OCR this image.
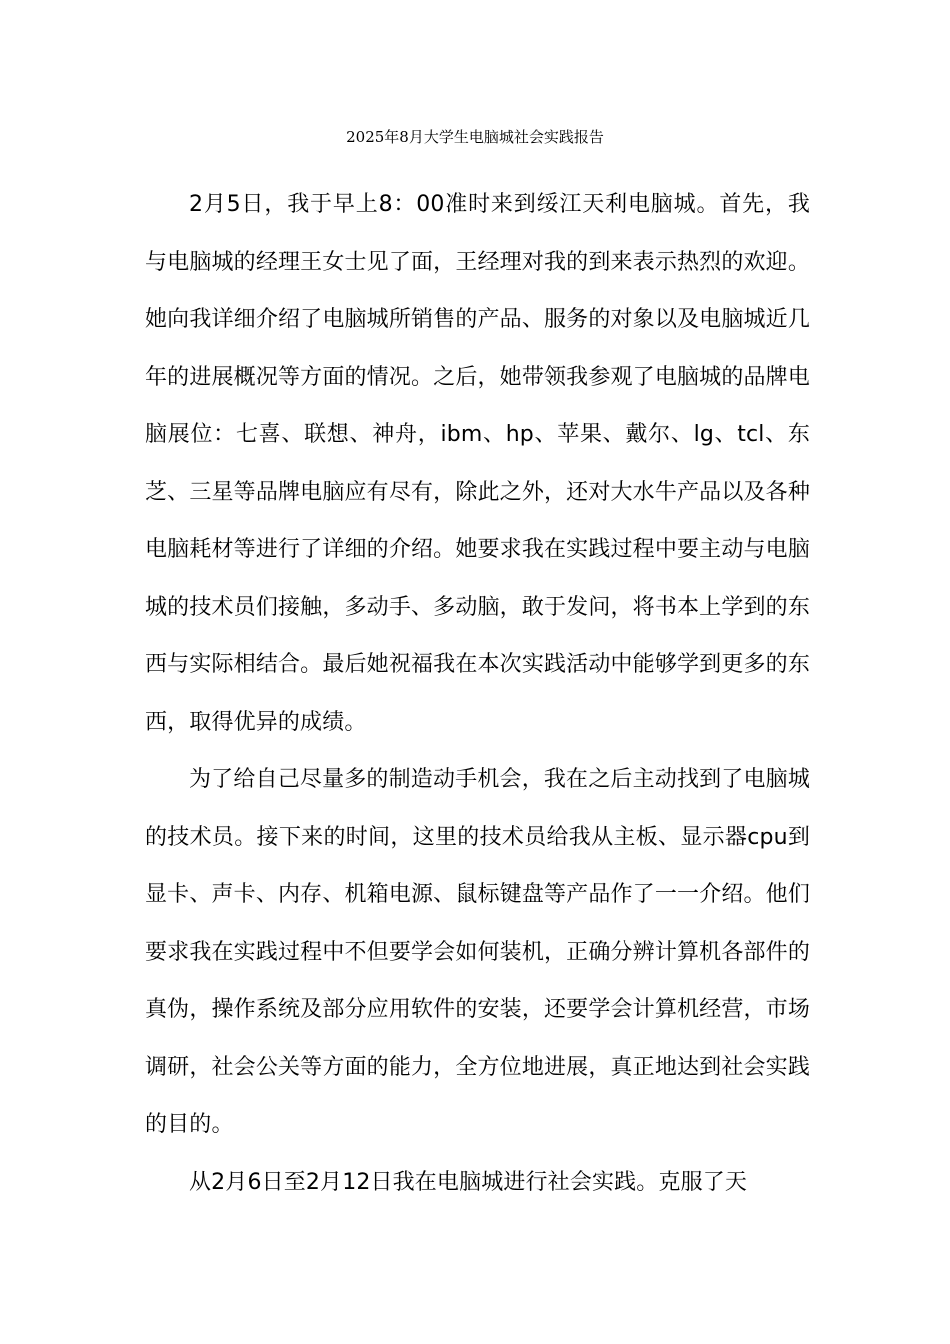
2025年8月大学生电脑城社会实践报告

2月5日，我于早上8：00准时来到绥江天利电脑城。首先，我与电脑城的经理王女士见了面，王经理对我的到来表示热烈的欢迎。她向我详细介绍了电脑城所销售的产品、服务的对象以及电脑城近几年的进展概况等方面的情况。之后，她带领我参观了电脑城的品牌电脑展位：七喜、联想、神舟，ibm、hp、苹果、戴尔、lg、tcl、东芝、三星等品牌电脑应有尽有，除此之外，还对大水牛产品以及各种电脑耗材等进行了详细的介绍。她要求我在实践过程中要主动与电脑城的技术员们接触，多动手、多动脑，敢于发问，将书本上学到的东西与实际相结合。最后她祝福我在本次实践活动中能够学到更多的东西，取得优异的成绩。

为了给自己尽量多的制造动手机会，我在之后主动找到了电脑城的技术员。接下来的时间，这里的技术员给我从主板、显示器cpu到显卡、声卡、内存、机箱电源、鼠标键盘等产品作了一一介绍。他们要求我在实践过程中不但要学会如何装机，正确分辨计算机各部件的真伪，操作系统及部分应用软件的安装，还要学会计算机经营，市场调研，社会公关等方面的能力，全方位地进展，真正地达到社会实践的目的。

从2月6日至2月12日我在电脑城进行社会实践。克服了天
